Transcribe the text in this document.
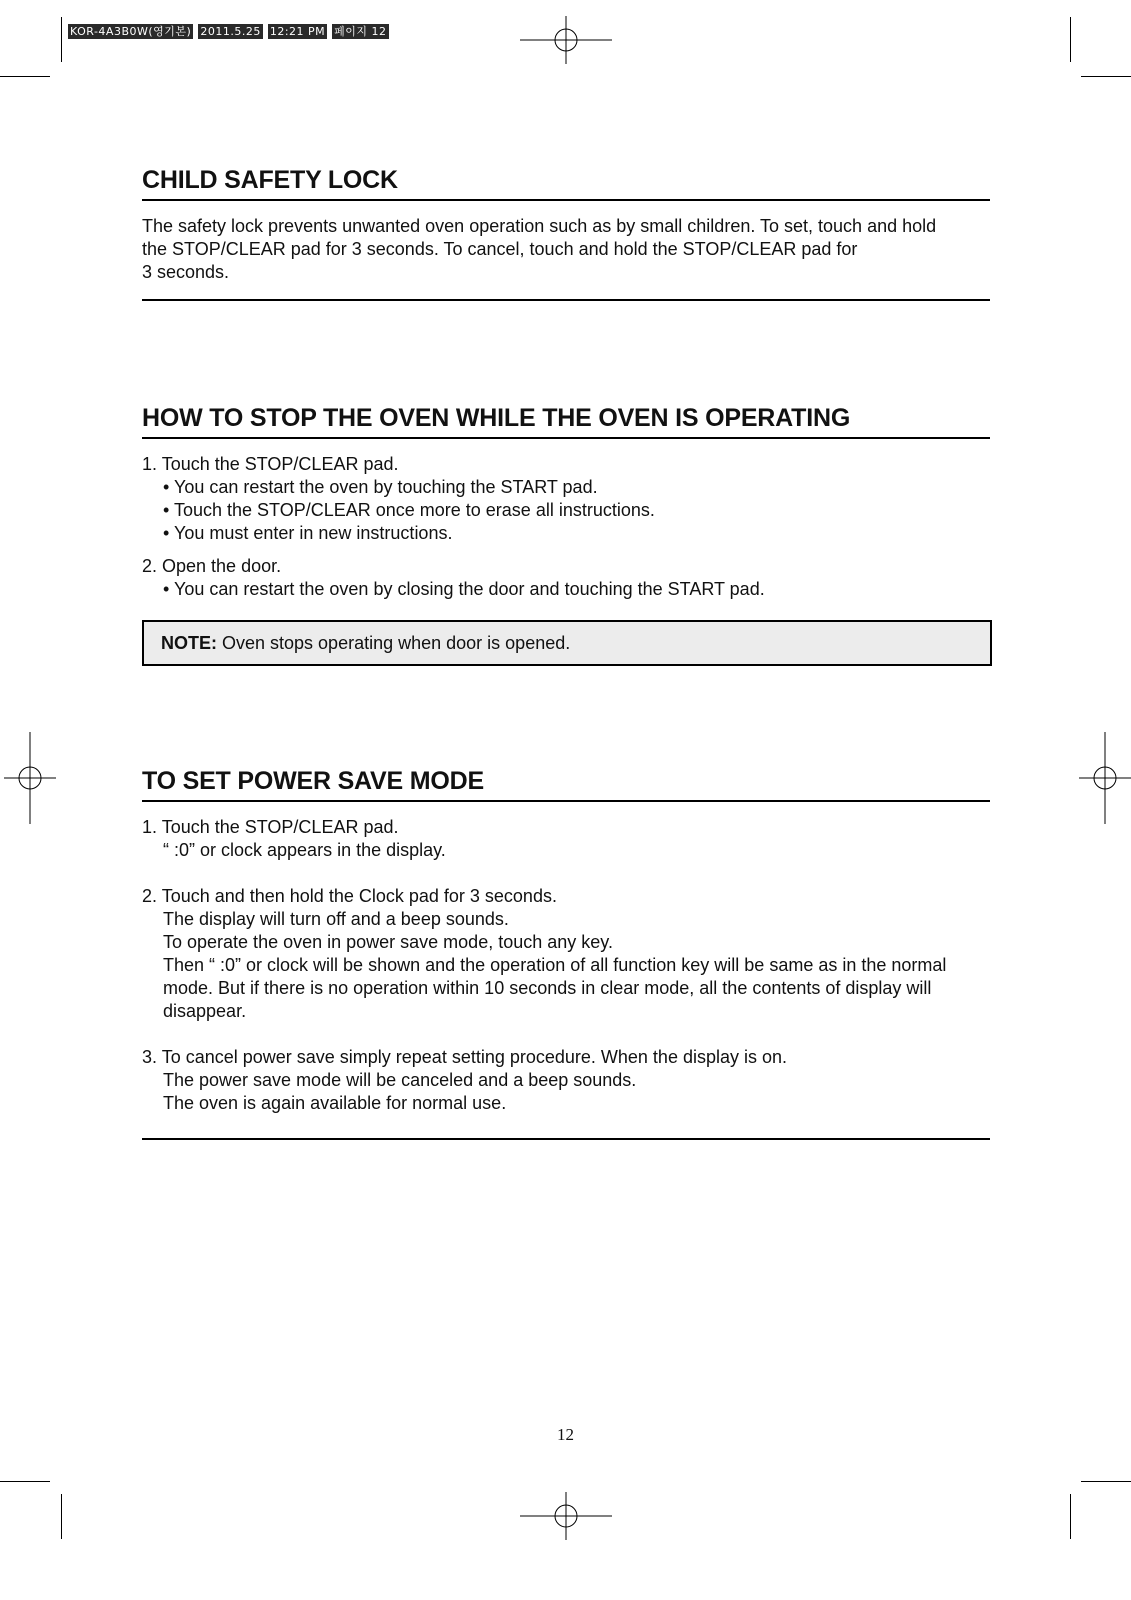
KOR-4A3B0W(영기본) 2011.5.25 12:21 PM 페이지 12
CHILD SAFETY LOCK

The safety lock prevents unwanted oven operation such as by small children. To set, touch and hold

the STOP/CLEAR pad for 3 seconds. To cancel, touch and hold the STOP/CLEAR pad for

3 seconds.

HOW TO STOP THE OVEN WHILE THE OVEN IS OPERATING
1. Touch the STOP/CLEAR pad.
• You can restart the oven by touching the START pad.
• Touch the STOP/CLEAR once more to erase all instructions.
• You must enter in new instructions.
2. Open the door.
• You can restart the oven by closing the door and touching the START pad.
NOTE: Oven stops operating when door is opened.
TO SET POWER SAVE MODE
1. Touch the STOP/CLEAR pad.
“ :0” or clock appears in the display.
2. Touch and then hold the Clock pad for 3 seconds.
The display will turn off and a beep sounds.
To operate the oven in power save mode, touch any key.
Then “ :0” or clock will be shown and the operation of all function key will be same as in the normal
mode. But if there is no operation within 10 seconds in clear mode, all the contents of display will
disappear.
3. To cancel power save simply repeat setting procedure. When the display is on.
The power save mode will be canceled and a beep sounds.
The oven is again available for normal use.
12
